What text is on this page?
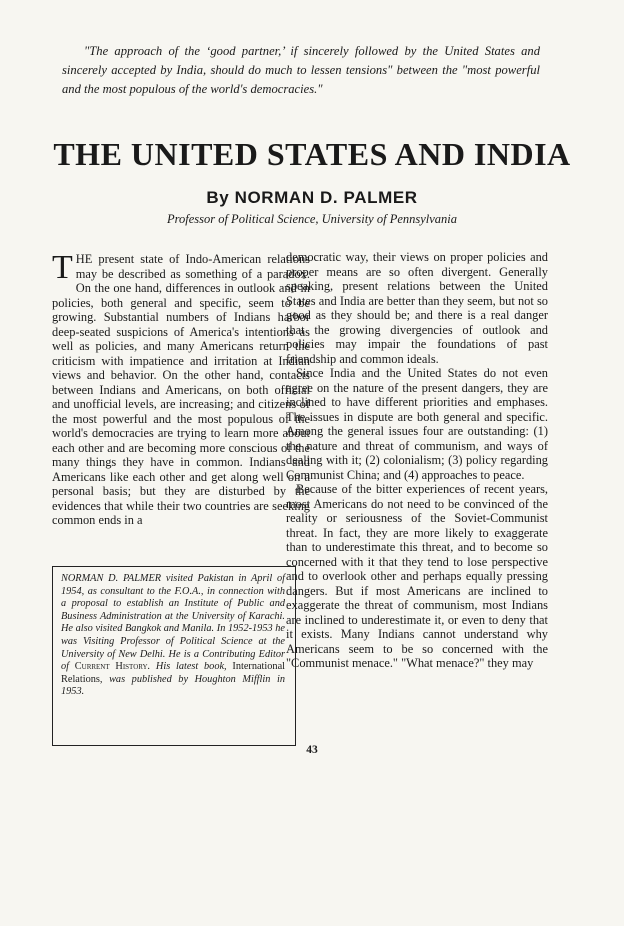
"The approach of the ‘good partner,’ if sincerely followed by the United States and sincerely accepted by India, should do much to lessen tensions" between the "most powerful and the most populous of the world's democracies."

THE UNITED STATES AND INDIA

By NORMAN D. PALMER

Professor of Political Science, University of Pennsylvania

THE present state of Indo-American relations may be described as something of a paradox. On the one hand, differences in outlook and in policies, both general and specific, seem to be growing. Substantial numbers of Indians harbor deep-seated suspicions of America's intentions as well as policies, and many Americans return the criticism with impatience and irritation at Indian views and behavior. On the other hand, contacts between Indians and Americans, on both official and unofficial levels, are increasing; and citizens of the most powerful and the most populous of the world's democracies are trying to learn more about each other and are becoming more conscious of the many things they have in common. Indians and Americans like each other and get along well on a personal basis; but they are disturbed by the evidences that while their two countries are seeking common ends in a

NORMAN D. PALMER visited Pakistan in April of 1954, as consultant to the F.O.A., in connection with a proposal to establish an Institute of Public and Business Administration at the University of Karachi. He also visited Bangkok and Manila. In 1952-1953 he was Visiting Professor of Political Science at the University of New Delhi. He is a Contributing Editor of Current History. His latest book, International Relations, was published by Houghton Mifflin in 1953.

democratic way, their views on proper policies and proper means are so often divergent. Generally speaking, present relations between the United States and India are better than they seem, but not so good as they should be; and there is a real danger that the growing divergencies of outlook and policies may impair the foundations of past friendship and common ideals.

Since India and the United States do not even agree on the nature of the present dangers, they are inclined to have different priorities and emphases. The issues in dispute are both general and specific. Among the general issues four are outstanding: (1) the nature and threat of communism, and ways of dealing with it; (2) colonialism; (3) policy regarding Communist China; and (4) approaches to peace.

Because of the bitter experiences of recent years, most Americans do not need to be convinced of the reality or seriousness of the Soviet-Communist threat. In fact, they are more likely to exaggerate than to underestimate this threat, and to become so concerned with it that they tend to lose perspective and to overlook other and perhaps equally pressing dangers. But if most Americans are inclined to exaggerate the threat of communism, most Indians are inclined to underestimate it, or even to deny that it exists. Many Indians cannot understand why Americans seem to be so concerned with the "Communist menace." "What menace?" they may

43
